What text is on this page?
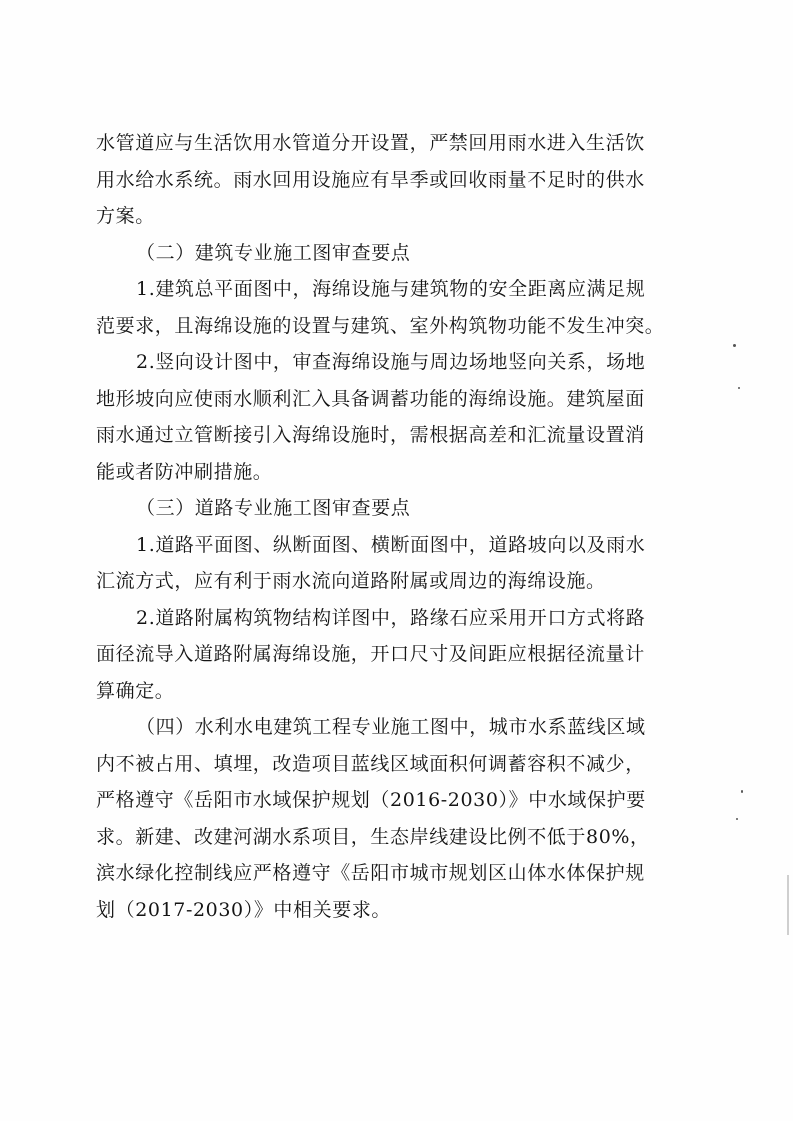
水管道应与生活饮用水管道分开设置，严禁回用雨水进入生活饮
用水给水系统。雨水回用设施应有旱季或回收雨量不足时的供水
方案。
（二）建筑专业施工图审查要点
1.建筑总平面图中，海绵设施与建筑物的安全距离应满足规
范要求，且海绵设施的设置与建筑、室外构筑物功能不发生冲突。
2.竖向设计图中，审查海绵设施与周边场地竖向关系，场地
地形坡向应使雨水顺利汇入具备调蓄功能的海绵设施。建筑屋面
雨水通过立管断接引入海绵设施时，需根据高差和汇流量设置消
能或者防冲刷措施。
（三）道路专业施工图审查要点
1.道路平面图、纵断面图、横断面图中，道路坡向以及雨水
汇流方式，应有利于雨水流向道路附属或周边的海绵设施。
2.道路附属构筑物结构详图中，路缘石应采用开口方式将路
面径流导入道路附属海绵设施，开口尺寸及间距应根据径流量计
算确定。
（四）水利水电建筑工程专业施工图中，城市水系蓝线区域
内不被占用、填埋，改造项目蓝线区域面积何调蓄容积不减少，
严格遵守《岳阳市水域保护规划（2016-2030）》中水域保护要
求。新建、改建河湖水系项目，生态岸线建设比例不低于80%，
滨水绿化控制线应严格遵守《岳阳市城市规划区山体水体保护规
划（2017-2030）》中相关要求。
